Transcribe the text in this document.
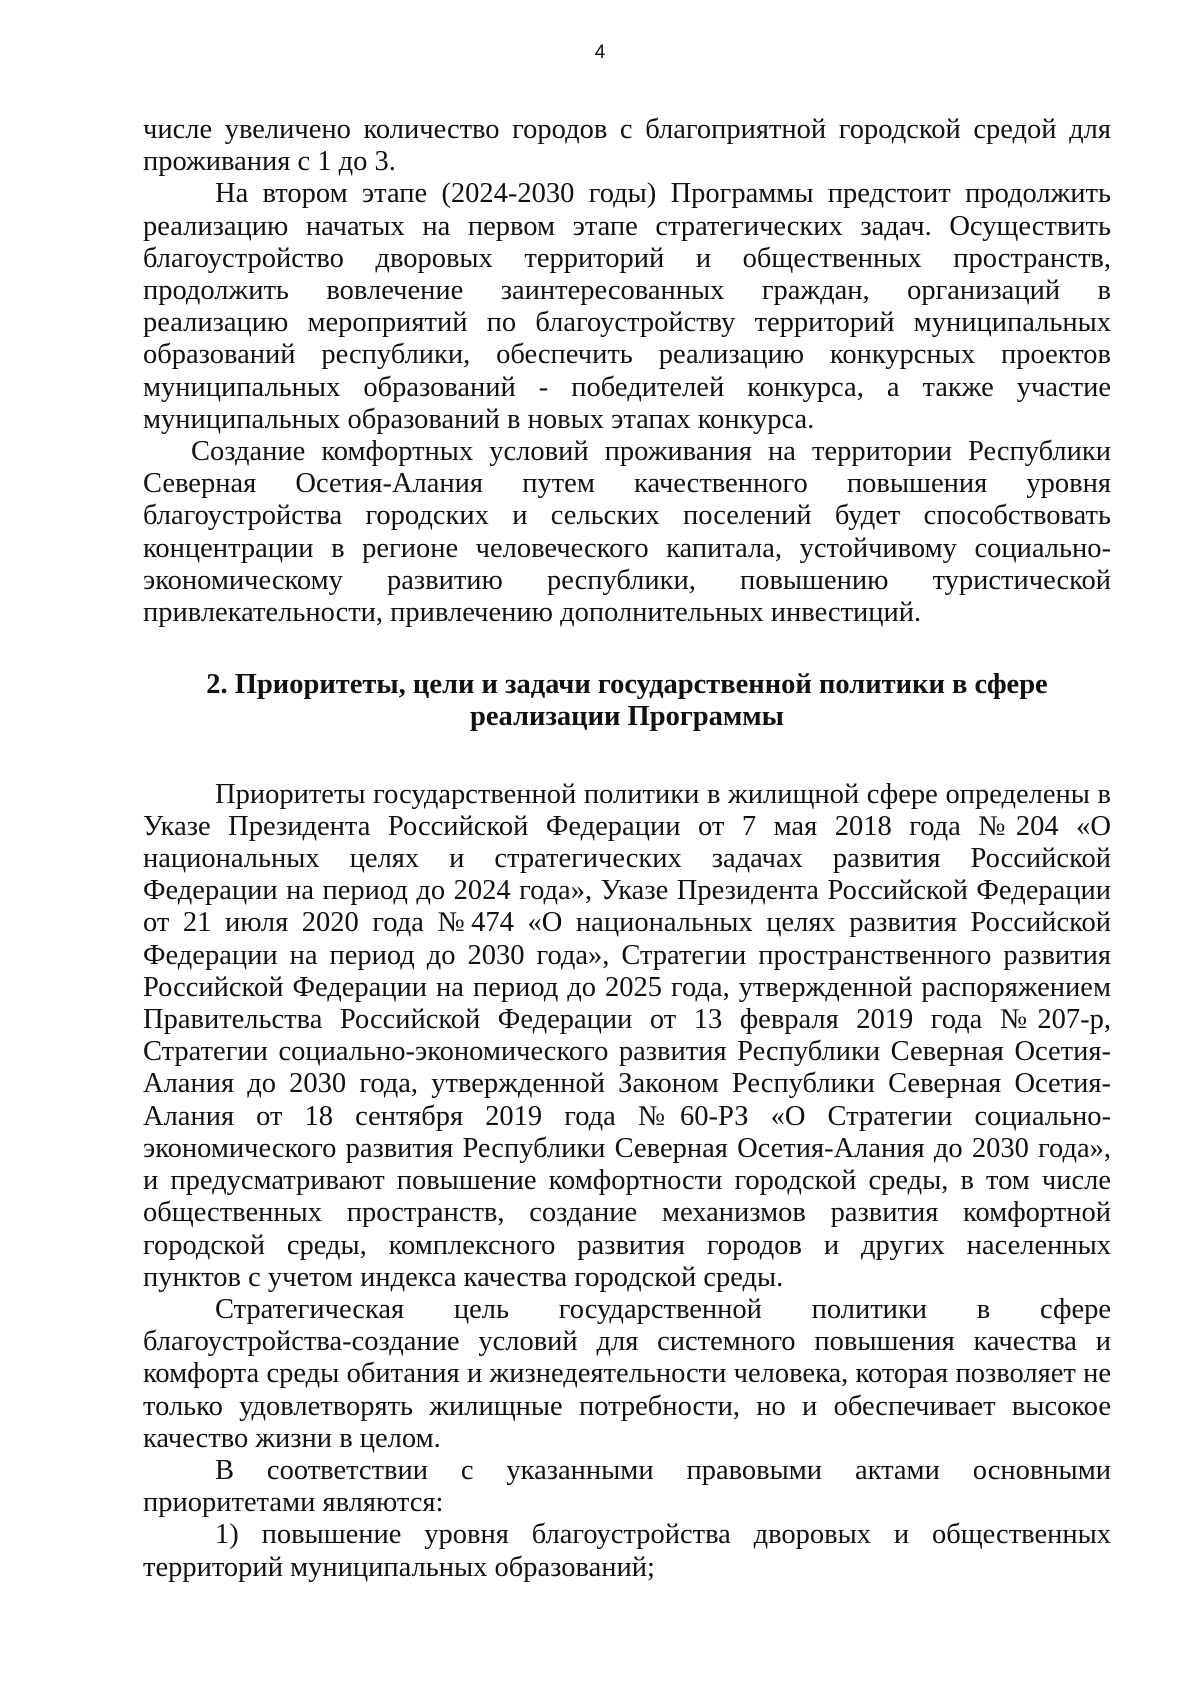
4

числе увеличено количество городов с благоприятной городской средой для проживания с 1 до 3.

На втором этапе (2024-2030 годы) Программы предстоит продолжить реализацию начатых на первом этапе стратегических задач. Осуществить благоустройство дворовых территорий и общественных пространств, продолжить вовлечение заинтересованных граждан, организаций в реализацию мероприятий по благоустройству территорий муниципальных образований республики, обеспечить реализацию конкурсных проектов муниципальных образований - победителей конкурса, а также участие муниципальных образований в новых этапах конкурса.

Создание комфортных условий проживания на территории Республики Северная Осетия-Алания путем качественного повышения уровня благоустройства городских и сельских поселений будет способствовать концентрации в регионе человеческого капитала, устойчивому социально-экономическому развитию республики, повышению туристической привлекательности, привлечению дополнительных инвестиций.

2. Приоритеты, цели и задачи государственной политики в сфере
реализации Программы

Приоритеты государственной политики в жилищной сфере определены в Указе Президента Российской Федерации от 7 мая 2018 года №204 «О национальных целях и стратегических задачах развития Российской Федерации на период до 2024 года», Указе Президента Российской Федерации от 21 июля 2020 года №474 «О национальных целях развития Российской Федерации на период до 2030 года», Стратегии пространственного развития Российской Федерации на период до 2025 года, утвержденной распоряжением Правительства Российской Федерации от 13 февраля 2019 года №207-р, Стратегии социально-экономического развития Республики Северная Осетия-Алания до 2030 года, утвержденной Законом Республики Северная Осетия-Алания от 18 сентября 2019 года №60-РЗ «О Стратегии социально-экономического развития Республики Северная Осетия-Алания до 2030 года», и предусматривают повышение комфортности городской среды, в том числе общественных пространств, создание механизмов развития комфортной городской среды, комплексного развития городов и других населенных пунктов с учетом индекса качества городской среды.

Стратегическая цель государственной политики в сфере благоустройства-создание условий для системного повышения качества и комфорта среды обитания и жизнедеятельности человека, которая позволяет не только удовлетворять жилищные потребности, но и обеспечивает высокое качество жизни в целом.

В соответствии с указанными правовыми актами основными приоритетами являются:

1) повышение уровня благоустройства дворовых и общественных территорий муниципальных образований;
